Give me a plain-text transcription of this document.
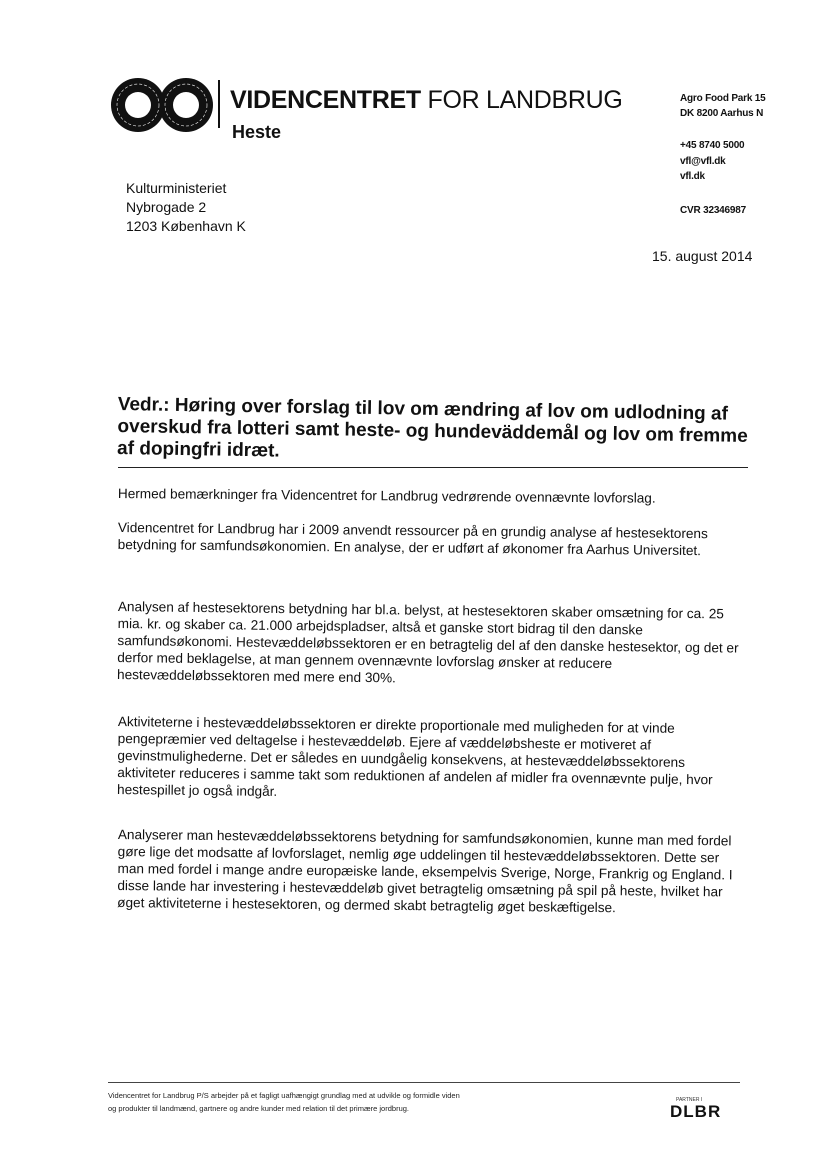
VIDENCENTRET FOR LANDBRUG
Heste
Agro Food Park 15
DK 8200 Aarhus N
+45 8740 5000
vfl@vfl.dk
vfl.dk
CVR 32346987
Kulturministeriet
Nybrogade 2
1203 København K
15. august 2014
Vedr.: Høring over forslag til lov om ændring af lov om udlodning af overskud fra lotteri samt heste- og hundeväddemål og lov om fremme af dopingfri idræt.
Hermed bemærkninger fra Videncentret for Landbrug vedrørende ovennævnte lovforslag.
Videncentret for Landbrug har i 2009 anvendt ressourcer på en grundig analyse af hestesektorens betydning for samfundsøkonomien. En analyse, der er udført af økonomer fra Aarhus Universitet.
Analysen af hestesektorens betydning har bl.a. belyst, at hestesektoren skaber omsætning for ca. 25 mia. kr. og skaber ca. 21.000 arbejdspladser, altså et ganske stort bidrag til den danske samfundsøkonomi. Hestevæddeløbssektoren er en betragtelig del af den danske hestesektor, og det er derfor med beklagelse, at man gennem ovennævnte lovforslag ønsker at reducere hestevæddeløbssektoren med mere end 30%.
Aktiviteterne i hestevæddeløbssektoren er direkte proportionale med muligheden for at vinde pengepræmier ved deltagelse i hestevæddeløb. Ejere af væddeløbsheste er motiveret af gevinstmulighederne. Det er således en uundgåelig konsekvens, at hestevæddeløbssektorens aktiviteter reduceres i samme takt som reduktionen af andelen af midler fra ovennævnte pulje, hvor hestespillet jo også indgår.
Analyserer man hestevæddeløbssektorens betydning for samfundsøkonomien, kunne man med fordel gøre lige det modsatte af lovforslaget, nemlig øge uddelingen til hestevæddeløbssektoren. Dette ser man med fordel i mange andre europæiske lande, eksempelvis Sverige, Norge, Frankrig og England. I disse lande har investering i hestevæddeløb givet betragtelig omsætning på spil på heste, hvilket har øget aktiviteterne i hestesektoren, og dermed skabt betragtelig øget beskæftigelse.
Videncentret for Landbrug P/S arbejder på et fagligt uafhængigt grundlag med at udvikle og formidle viden
og produkter til landmænd, gartnere og andre kunder med relation til det primære jordbrug.
PARTNER I
DLBR
